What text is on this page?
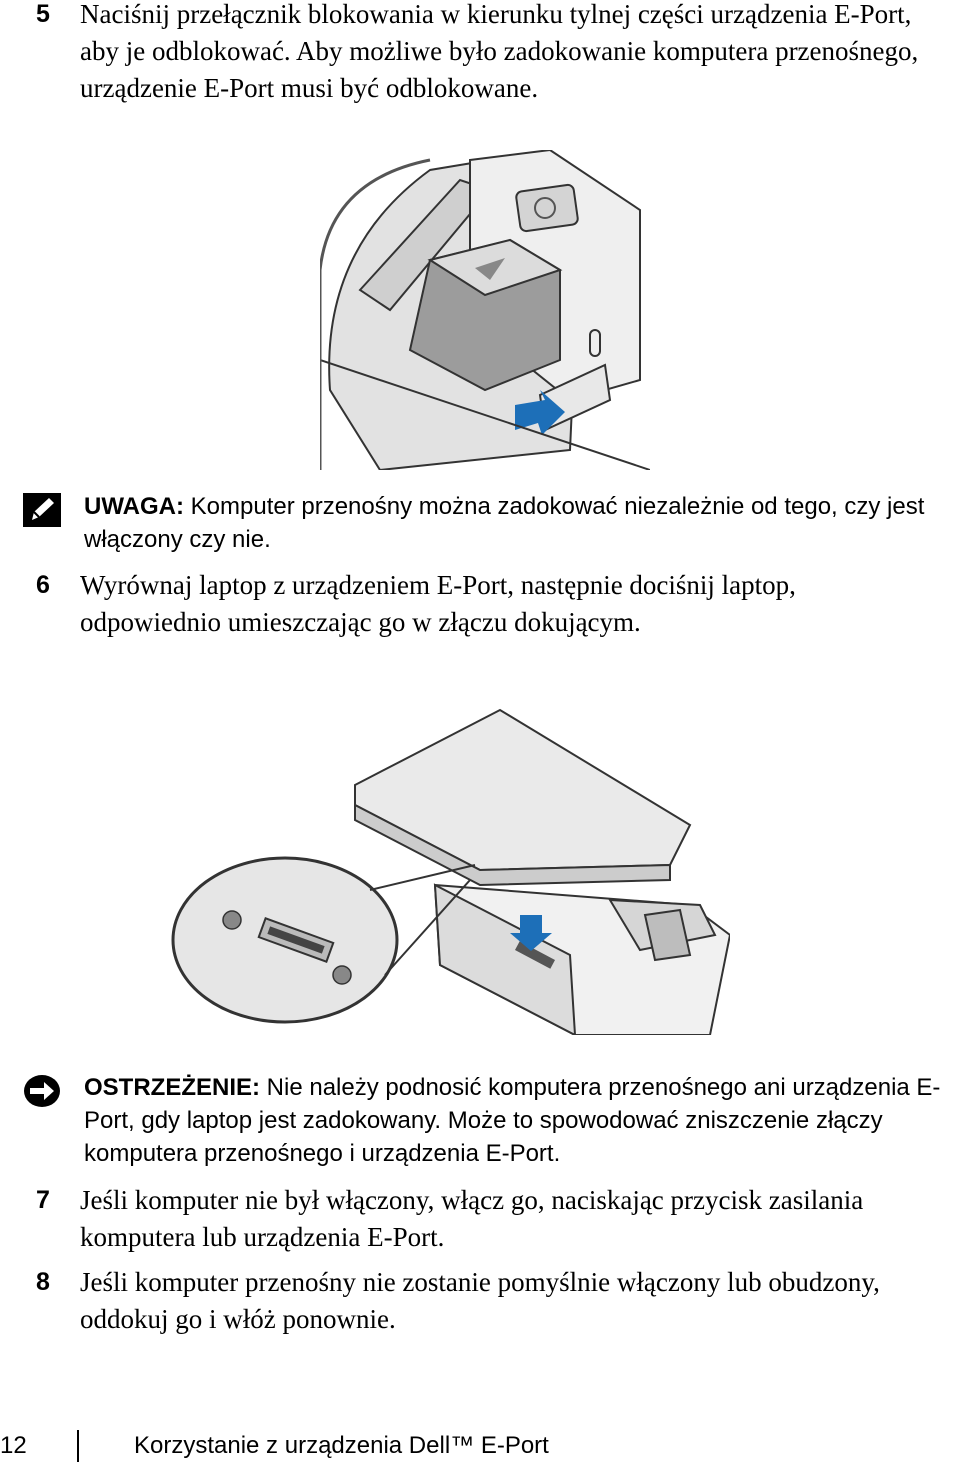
5 Naciśnij przełącznik blokowania w kierunku tylnej części urządzenia E-Port, aby je odblokować. Aby możliwe było zadokowanie komputera przenośnego, urządzenie E-Port musi być odblokowane.
UWAGA: Komputer przenośny można zadokować niezależnie od tego, czy jest włączony czy nie.
6 Wyrównaj laptop z urządzeniem E-Port, następnie dociśnij laptop, odpowiednio umieszczając go w złączu dokującym.
OSTRZEŻENIE: Nie należy podnosić komputera przenośnego ani urządzenia E-Port, gdy laptop jest zadokowany. Może to spowodować zniszczenie złączy komputera przenośnego i urządzenia E-Port.
7 Jeśli komputer nie był włączony, włącz go, naciskając przycisk zasilania komputera lub urządzenia E-Port.
8 Jeśli komputer przenośny nie zostanie pomyślnie włączony lub obudzony, oddokuj go i włóż ponownie.
12	Korzystanie z urządzenia Dell™ E-Port
